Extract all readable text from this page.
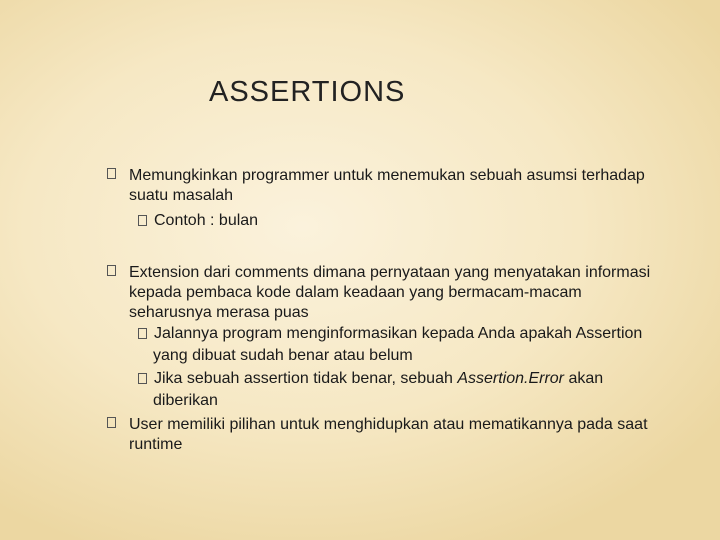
ASSERTIONS
Memungkinkan programmer untuk menemukan sebuah asumsi terhadap
suatu masalah
Contoh : bulan
Extension dari comments dimana pernyataan yang menyatakan informasi
kepada pembaca kode dalam keadaan yang bermacam-macam
seharusnya merasa puas
Jalannya program menginformasikan kepada Anda apakah Assertion
yang dibuat sudah benar atau belum
Jika sebuah assertion tidak benar, sebuah Assertion.Error akan
diberikan
User memiliki pilihan untuk menghidupkan atau mematikannya pada saat
runtime
